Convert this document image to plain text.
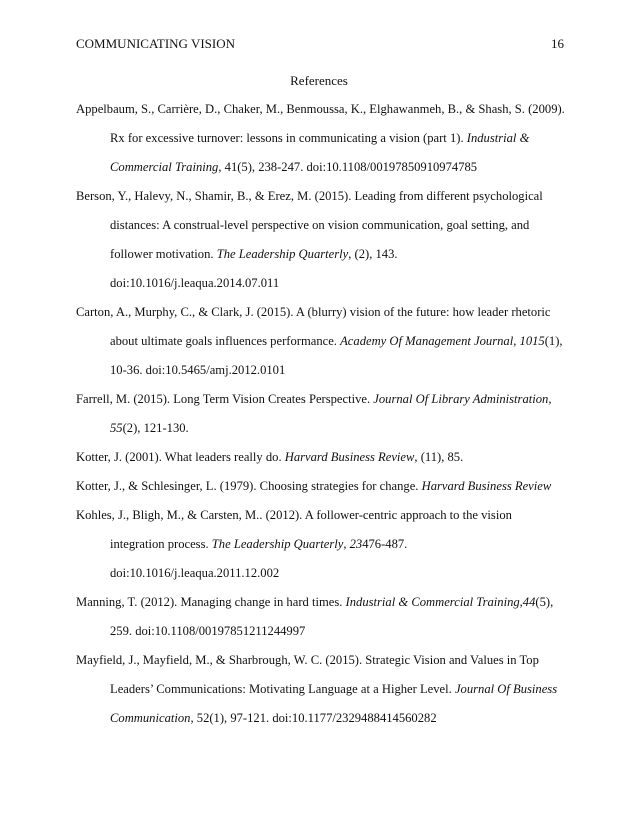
COMMUNICATING VISION	16
References
Appelbaum, S., Carrière, D., Chaker, M., Benmoussa, K., Elghawanmeh, B., & Shash, S. (2009).
Rx for excessive turnover: lessons in communicating a vision (part 1). Industrial &
Commercial Training, 41(5), 238-247. doi:10.1108/00197850910974785
Berson, Y., Halevy, N., Shamir, B., & Erez, M. (2015). Leading from different psychological
distances: A construal-level perspective on vision communication, goal setting, and
follower motivation. The Leadership Quarterly, (2), 143.
doi:10.1016/j.leaqua.2014.07.011
Carton, A., Murphy, C., & Clark, J. (2015). A (blurry) vision of the future: how leader rhetoric
about ultimate goals influences performance. Academy Of Management Journal, 1015(1),
10-36. doi:10.5465/amj.2012.0101
Farrell, M. (2015). Long Term Vision Creates Perspective. Journal Of Library Administration,
55(2), 121-130.
Kotter, J. (2001). What leaders really do. Harvard Business Review, (11), 85.
Kotter, J., & Schlesinger, L. (1979). Choosing strategies for change. Harvard Business Review
Kohles, J., Bligh, M., & Carsten, M.. (2012). A follower-centric approach to the vision
integration process. The Leadership Quarterly, 23476-487.
doi:10.1016/j.leaqua.2011.12.002
Manning, T. (2012). Managing change in hard times. Industrial & Commercial Training,44(5),
259. doi:10.1108/00197851211244997
Mayfield, J., Mayfield, M., & Sharbrough, W. C. (2015). Strategic Vision and Values in Top
Leaders’ Communications: Motivating Language at a Higher Level. Journal Of Business
Communication, 52(1), 97-121. doi:10.1177/2329488414560282
